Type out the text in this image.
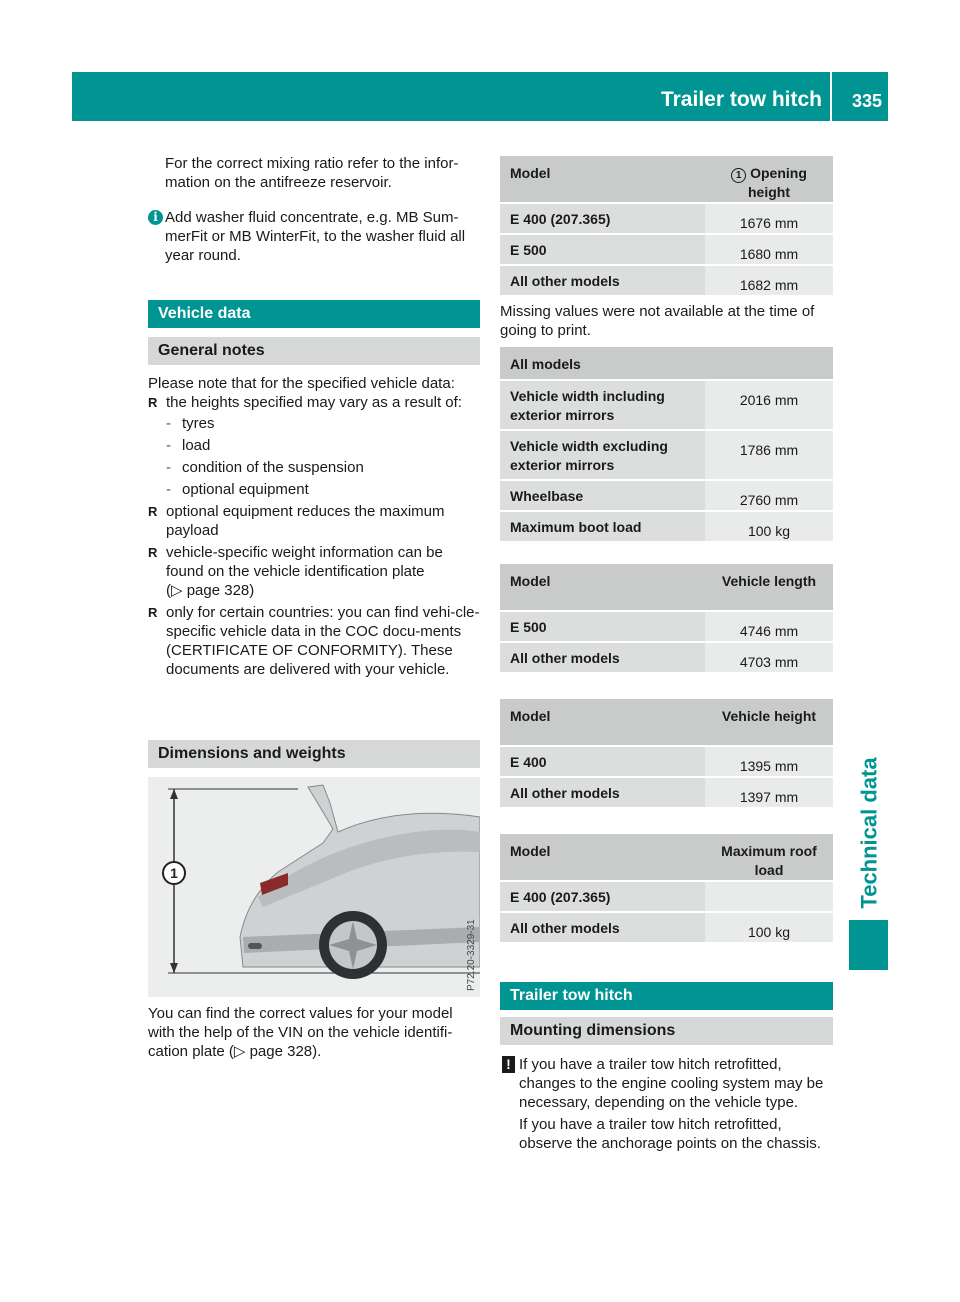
Trailer tow hitch 335
Technical data

For the correct mixing ratio refer to the infor-mation on the antifreeze reservoir.

i Add washer fluid concentrate, e.g. MB Sum-merFit or MB WinterFit, to the washer fluid all year round.

Vehicle data
General notes

Please note that for the specified vehicle data:

R the heights specified may vary as a result of:
- tyres
- load
- condition of the suspension
- optional equipment
R optional equipment reduces the maximum payload
R vehicle-specific weight information can be found on the vehicle identification plate
(▷ page 328)
R only for certain countries: you can find vehi-cle-specific vehicle data in the COC docu-ments (CERTIFICATE OF CONFORMITY). These documents are delivered with your vehicle.
Dimensions and weights
1
P72.20-3329-31

You can find the correct values for your model with the help of the VIN on the vehicle identifi-cation plate (▷ page 328).

Model	1 Opening height
E 400 (207.365)	1676 mm
E 500	1680 mm
All other models	1682 mm

Missing values were not available at the time of going to print.

All models	
Vehicle width including exterior mirrors	2016 mm
Vehicle width excluding exterior mirrors	1786 mm
Wheelbase	2760 mm
Maximum boot load	100 kg
Model	Vehicle length
E 500	4746 mm
All other models	4703 mm
Model	Vehicle height
E 400	1395 mm
All other models	1397 mm
Model	Maximum roof load
E 400 (207.365)	
All other models	100 kg
Trailer tow hitch
Mounting dimensions
! If you have a trailer tow hitch retrofitted, changes to the engine cooling system may be necessary, depending on the vehicle type.

If you have a trailer tow hitch retrofitted, observe the anchorage points on the chassis.
